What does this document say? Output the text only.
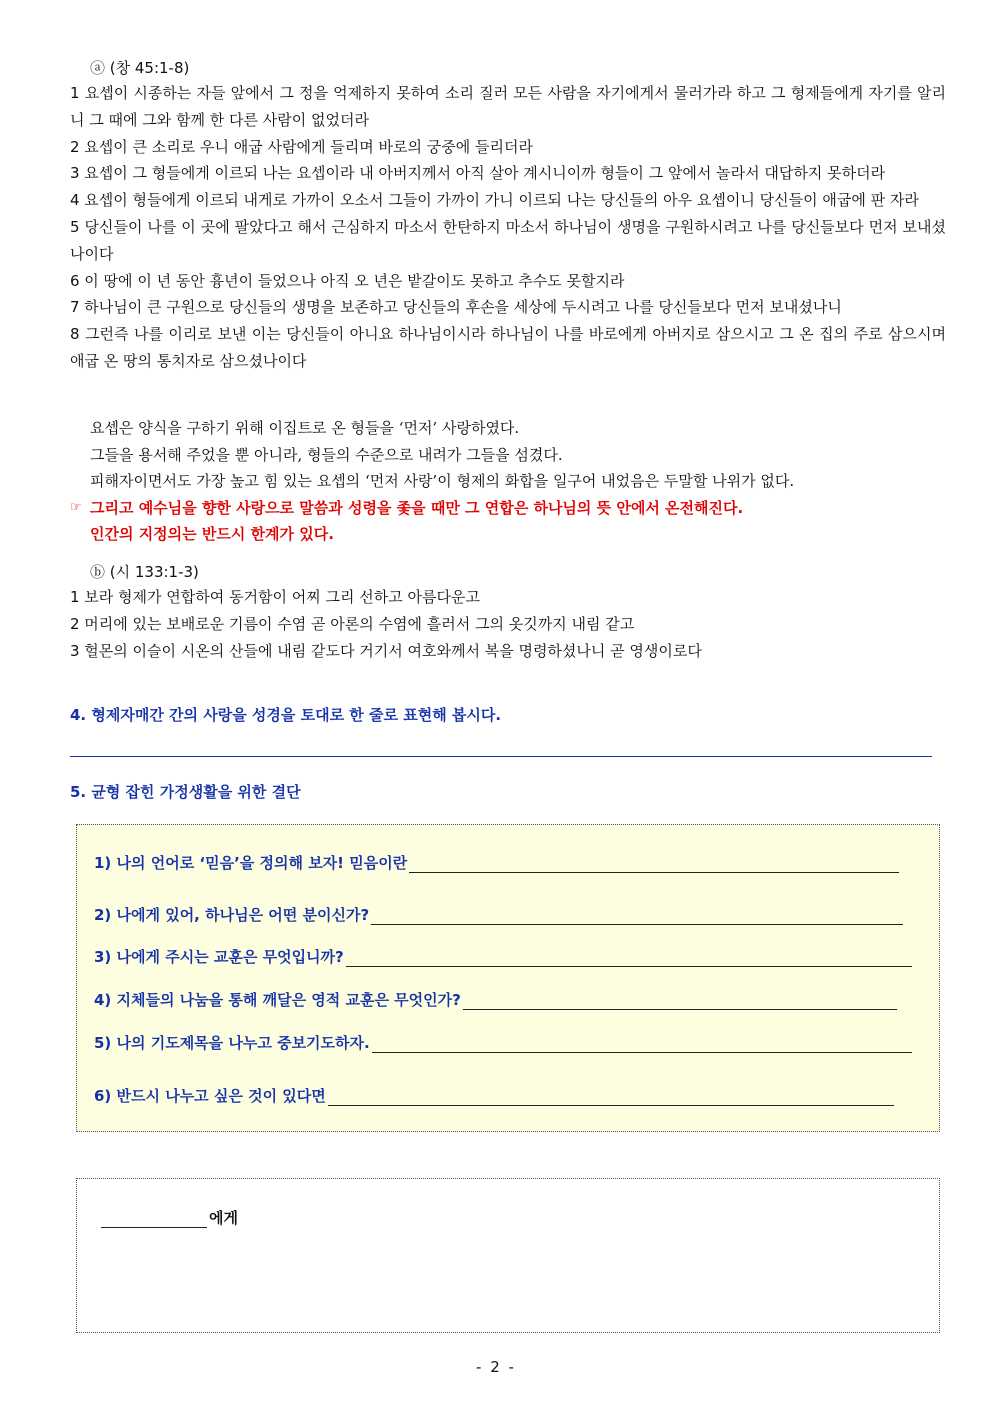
ⓐ (창 45:1-8)

1 요셉이 시종하는 자들 앞에서 그 정을 억제하지 못하여 소리 질러 모든 사람을 자기에게서 물러가라 하고 그 형제들에게 자기를 알리니 그 때에 그와 함께 한 다른 사람이 없었더라

2 요셉이 큰 소리로 우니 애굽 사람에게 들리며 바로의 궁중에 들리더라

3 요셉이 그 형들에게 이르되 나는 요셉이라 내 아버지께서 아직 살아 계시니이까 형들이 그 앞에서 놀라서 대답하지 못하더라

4 요셉이 형들에게 이르되 내게로 가까이 오소서 그들이 가까이 가니 이르되 나는 당신들의 아우 요셉이니 당신들이 애굽에 판 자라

5 당신들이 나를 이 곳에 팔았다고 해서 근심하지 마소서 한탄하지 마소서 하나님이 생명을 구원하시려고 나를 당신들보다 먼저 보내셨나이다

6 이 땅에 이 년 동안 흉년이 들었으나 아직 오 년은 밭갈이도 못하고 추수도 못할지라

7 하나님이 큰 구원으로 당신들의 생명을 보존하고 당신들의 후손을 세상에 두시려고 나를 당신들보다 먼저 보내셨나니

8 그런즉 나를 이리로 보낸 이는 당신들이 아니요 하나님이시라 하나님이 나를 바로에게 아버지로 삼으시고 그 온 집의 주로 삼으시며 애굽 온 땅의 통치자로 삼으셨나이다

요셉은 양식을 구하기 위해 이집트로 온 형들을 ‘먼저’ 사랑하였다.

그들을 용서해 주었을 뿐 아니라, 형들의 수준으로 내려가 그들을 섬겼다.

피해자이면서도 가장 높고 힘 있는 요셉의 ‘먼저 사랑’이 형제의 화합을 일구어 내었음은 두말할 나위가 없다.

☞ 그리고 예수님을 향한 사랑으로 말씀과 성령을 좇을 때만 그 연합은 하나님의 뜻 안에서 온전해진다.

인간의 지정의는 반드시 한계가 있다.

ⓑ (시 133:1-3)

1 보라 형제가 연합하여 동거함이 어찌 그리 선하고 아름다운고

2 머리에 있는 보배로운 기름이 수염 곧 아론의 수염에 흘러서 그의 옷깃까지 내림 같고

3 헐몬의 이슬이 시온의 산들에 내림 같도다 거기서 여호와께서 복을 명령하셨나니 곧 영생이로다

4. 형제자매간 간의 사랑을 성경을 토대로 한 줄로 표현해 봅시다.
5. 균형 잡힌 가정생활을 위한 결단
1) 나의 언어로 ‘믿음’을 정의해 보자! 믿음이란
2) 나에게 있어, 하나님은 어떤 분이신가?
3) 나에게 주시는 교훈은 무엇입니까?
4) 지체들의 나눔을 통해 깨달은 영적 교훈은 무엇인가?
5) 나의 기도제목을 나누고 중보기도하자.
6) 반드시 나누고 싶은 것이 있다면
에게
- 2 -
